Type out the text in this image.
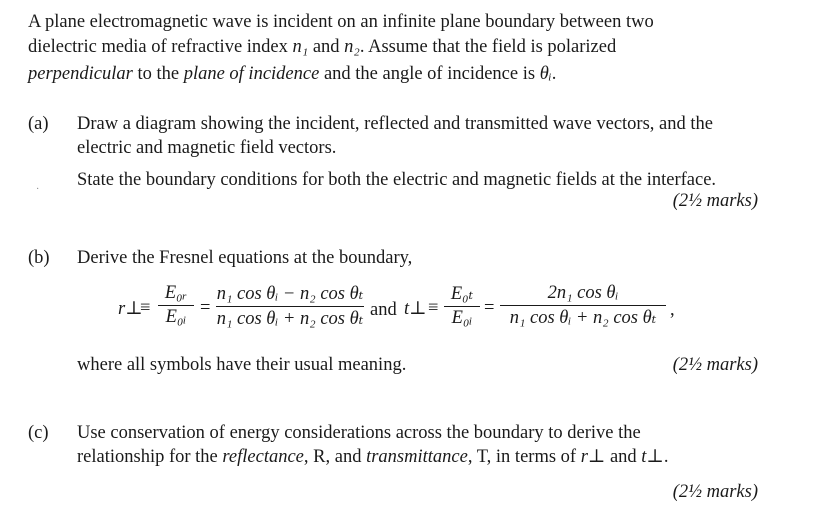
A plane electromagnetic wave is incident on an infinite plane boundary between two
dielectric media of refractive index n₁ and n₂. Assume that the field is polarized
perpendicular to the plane of incidence and the angle of incidence is θᵢ.
(a) Draw a diagram showing the incident, reflected and transmitted wave vectors, and the
electric and magnetic field vectors.
· State the boundary conditions for both the electric and magnetic fields at the interface.
(2½ marks)
(b) Derive the Fresnel equations at the boundary,
r⊥
≡
E₀ᵣ
E₀ᵢ =
n₁ cos θᵢ − n₂ cos θₜ
n₁ cos θᵢ + n₂ cos θₜ and t⊥ ≡
E₀ₜ
E₀ᵢ =
2n₁ cos θᵢ
n₁ cos θᵢ + n₂ cos θₜ ,
where all symbols have their usual meaning.	(2½ marks)
(c) Use conservation of energy considerations across the boundary to derive the
relationship for the reflectance, R, and transmittance, T, in terms of r⊥ and t⊥.
(2½ marks)
